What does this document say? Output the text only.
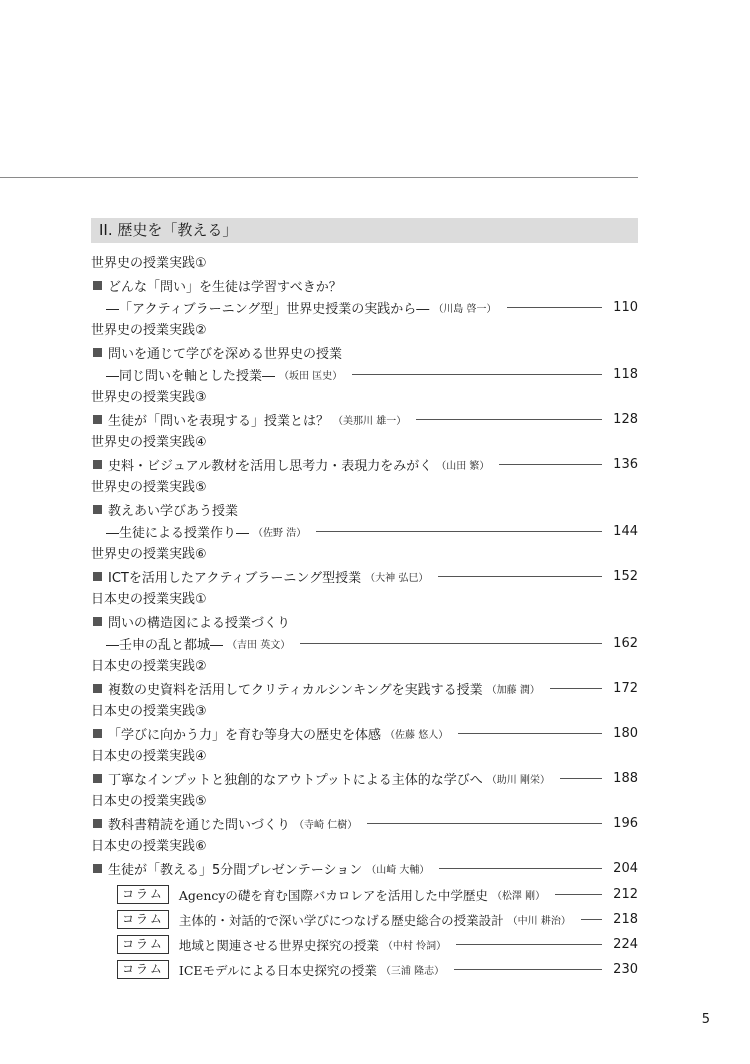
II. 歴史を「教える」
世界史の授業実践①
どんな「問い」を生徒は学習すべきか？
―「アクティブラーニング型」世界史授業の実践から― （川島 啓一）	110
世界史の授業実践②
問いを通じて学びを深める世界史の授業
―同じ問いを軸とした授業― （坂田 匡史）	118
世界史の授業実践③
生徒が「問いを表現する」授業とは？ （美那川 雄一）	128
世界史の授業実践④
史料・ビジュアル教材を活用し思考力・表現力をみがく （山田 繁）	136
世界史の授業実践⑤
教えあい学びあう授業
―生徒による授業作り― （佐野 浩）	144
世界史の授業実践⑥
ICTを活用したアクティブラーニング型授業 （大神 弘巳）	152
日本史の授業実践①
問いの構造図による授業づくり
―壬申の乱と都城― （吉田 英文）	162
日本史の授業実践②
複数の史資料を活用してクリティカルシンキングを実践する授業 （加藤 潤）	172
日本史の授業実践③
「学びに向かう力」を育む等身大の歴史を体感 （佐藤 悠人）	180
日本史の授業実践④
丁寧なインプットと独創的なアウトプットによる主体的な学びへ （助川 剛栄）	188
日本史の授業実践⑤
教科書精読を通じた問いづくり （寺崎 仁樹）	196
日本史の授業実践⑥
生徒が「教える」5分間プレゼンテーション （山崎 大輔）	204
コラム	Agencyの礎を育む国際バカロレアを活用した中学歴史 （松澤 剛）	212
コラム	主体的・対話的で深い学びにつなげる歴史総合の授業設計 （中川 耕治）	218
コラム	地域と関連させる世界史探究の授業 （中村 怜詞）	224
コラム	ICEモデルによる日本史探究の授業 （三浦 隆志）	230
5
